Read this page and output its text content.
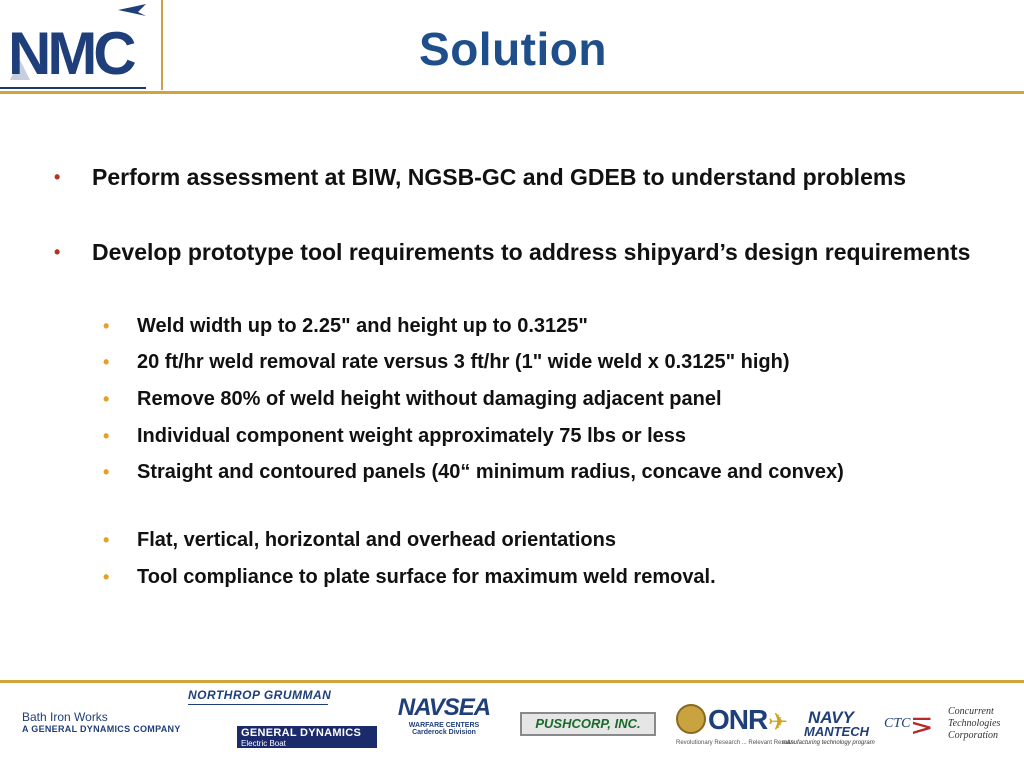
NMC	Solution
• Perform assessment at BIW, NGSB-GC and GDEB to understand problems
• Develop prototype tool requirements to address shipyard’s design requirements
• Weld width up to 2.25" and height up to 0.3125"
• 20 ft/hr weld removal rate versus 3 ft/hr (1" wide weld x 0.3125" high)
• Remove 80% of weld height without damaging adjacent panel
• Individual component weight approximately 75 lbs or less
• Straight and contoured panels (40“ minimum radius, concave and convex)
• Flat, vertical, horizontal and overhead orientations
• Tool compliance to plate surface for maximum weld removal.
Bath Iron Works
A GENERAL DYNAMICS COMPANY
NORTHROP GRUMMAN
GENERAL DYNAMICS
Electric Boat
NAVSEA
WARFARE CENTERS
Carderock Division
PUSHCORP, INC.	ONR
Revolutionary Research ... Relevant Results
✈ NAVY
MANTECH
manufacturing technology program
CTC ⋝ Concurrent
Technologies
Corporation
